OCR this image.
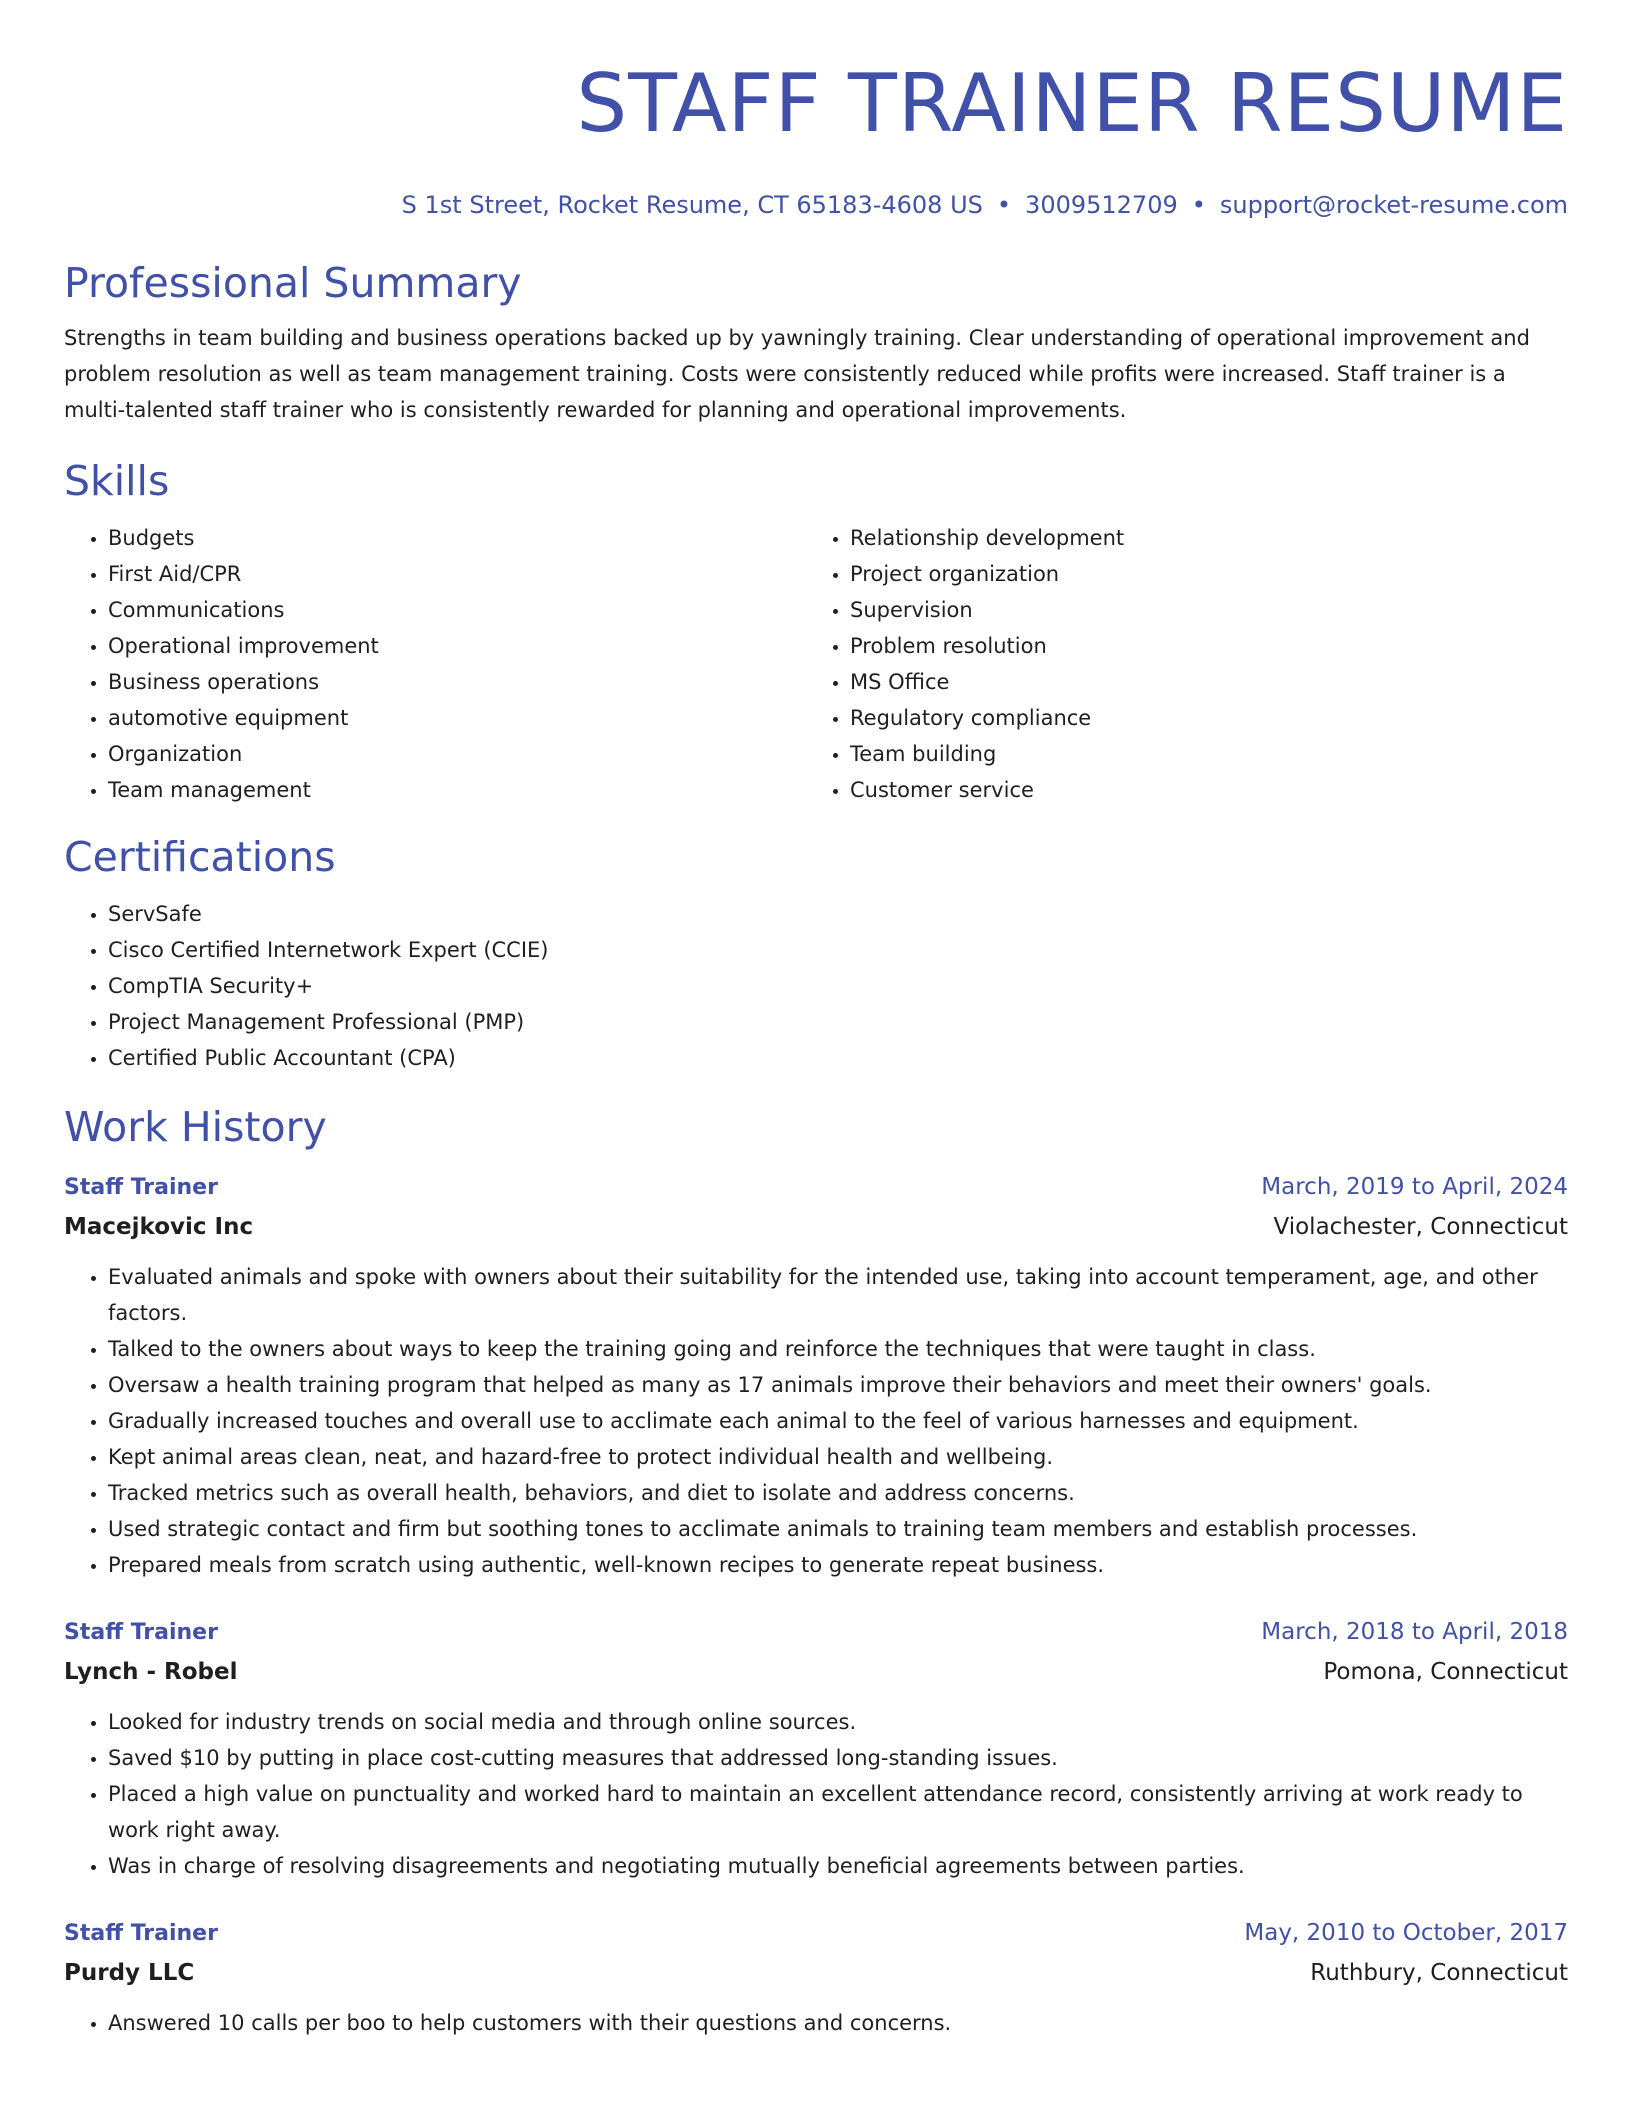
STAFF TRAINER RESUME
S 1st Street, Rocket Resume, CT 65183-4608 US • 3009512709 • support@rocket-resume.com
Professional Summary

Strengths in team building and business operations backed up by yawningly training. Clear understanding of operational improvement and problem resolution as well as team management training. Costs were consistently reduced while profits were increased. Staff trainer is a multi-talented staff trainer who is consistently rewarded for planning and operational improvements.

Skills
• Budgets
• First Aid/CPR
• Communications
• Operational improvement
• Business operations
• automotive equipment
• Organization
• Team management
• Relationship development
• Project organization
• Supervision
• Problem resolution
• MS Office
• Regulatory compliance
• Team building
• Customer service
Certifications
• ServSafe
• Cisco Certified Internetwork Expert (CCIE)
• CompTIA Security+
• Project Management Professional (PMP)
• Certified Public Accountant (CPA)
Work History
Staff Trainer	March, 2019 to April, 2024
Macejkovic Inc	Violachester, Connecticut
• Evaluated animals and spoke with owners about their suitability for the intended use, taking into account temperament, age, and other factors.
• Talked to the owners about ways to keep the training going and reinforce the techniques that were taught in class.
• Oversaw a health training program that helped as many as 17 animals improve their behaviors and meet their owners' goals.
• Gradually increased touches and overall use to acclimate each animal to the feel of various harnesses and equipment.
• Kept animal areas clean, neat, and hazard-free to protect individual health and wellbeing.
• Tracked metrics such as overall health, behaviors, and diet to isolate and address concerns.
• Used strategic contact and firm but soothing tones to acclimate animals to training team members and establish processes.
• Prepared meals from scratch using authentic, well-known recipes to generate repeat business.
Staff Trainer	March, 2018 to April, 2018
Lynch - Robel	Pomona, Connecticut
• Looked for industry trends on social media and through online sources.
• Saved $10 by putting in place cost-cutting measures that addressed long-standing issues.
• Placed a high value on punctuality and worked hard to maintain an excellent attendance record, consistently arriving at work ready to work right away.
• Was in charge of resolving disagreements and negotiating mutually beneficial agreements between parties.
Staff Trainer	May, 2010 to October, 2017
Purdy LLC	Ruthbury, Connecticut
• Answered 10 calls per boo to help customers with their questions and concerns.
